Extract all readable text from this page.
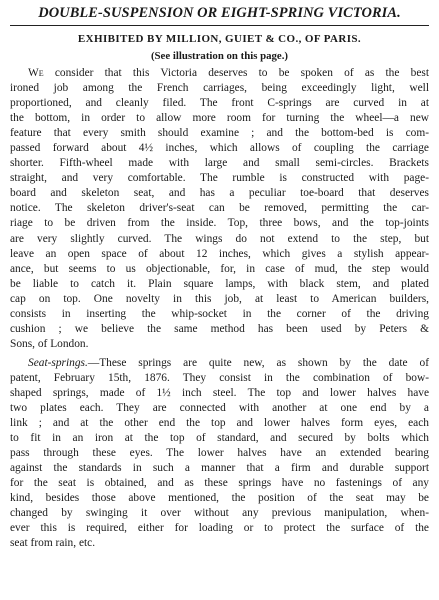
DOUBLE-SUSPENSION OR EIGHT-SPRING VICTORIA.
EXHIBITED BY MILLION, GUIET & CO., OF PARIS.
(See illustration on this page.)
We consider that this Victoria deserves to be spoken of as the best
ironed job among the French carriages, being exceedingly light, well
proportioned, and cleanly filed. The front C-springs are curved in at
the bottom, in order to allow more room for turning the wheel—a new
feature that every smith should examine ; and the bottom-bed is com-
passed forward about 4½ inches, which allows of coupling the carriage
shorter. Fifth-wheel made with large and small semi-circles. Brackets
straight, and very comfortable. The rumble is constructed with page-
board and skeleton seat, and has a peculiar toe-board that deserves
notice. The skeleton driver's-seat can be removed, permitting the car-
riage to be driven from the inside. Top, three bows, and the top-joints
are very slightly curved. The wings do not extend to the step, but
leave an open space of about 12 inches, which gives a stylish appear-
ance, but seems to us objectionable, for, in case of mud, the step would
be liable to catch it. Plain square lamps, with black stem, and plated
cap on top. One novelty in this job, at least to American builders,
consists in inserting the whip-socket in the corner of the driving
cushion ; we believe the same method has been used by Peters &
Sons, of London.
Seat-springs.—These springs are quite new, as shown by the date of
patent, February 15th, 1876. They consist in the combination of bow-
shaped springs, made of 1½ inch steel. The top and lower halves have
two plates each. They are connected with another at one end by a
link ; and at the other end the top and lower halves form eyes, each
to fit in an iron at the top of standard, and secured by bolts which
pass through these eyes. The lower halves have an extended bearing
against the standards in such a manner that a firm and durable support
for the seat is obtained, and as these springs have no fastenings of any
kind, besides those above mentioned, the position of the seat may be
changed by swinging it over without any previous manipulation, when-
ever this is required, either for loading or to protect the surface of the
seat from rain, etc.
